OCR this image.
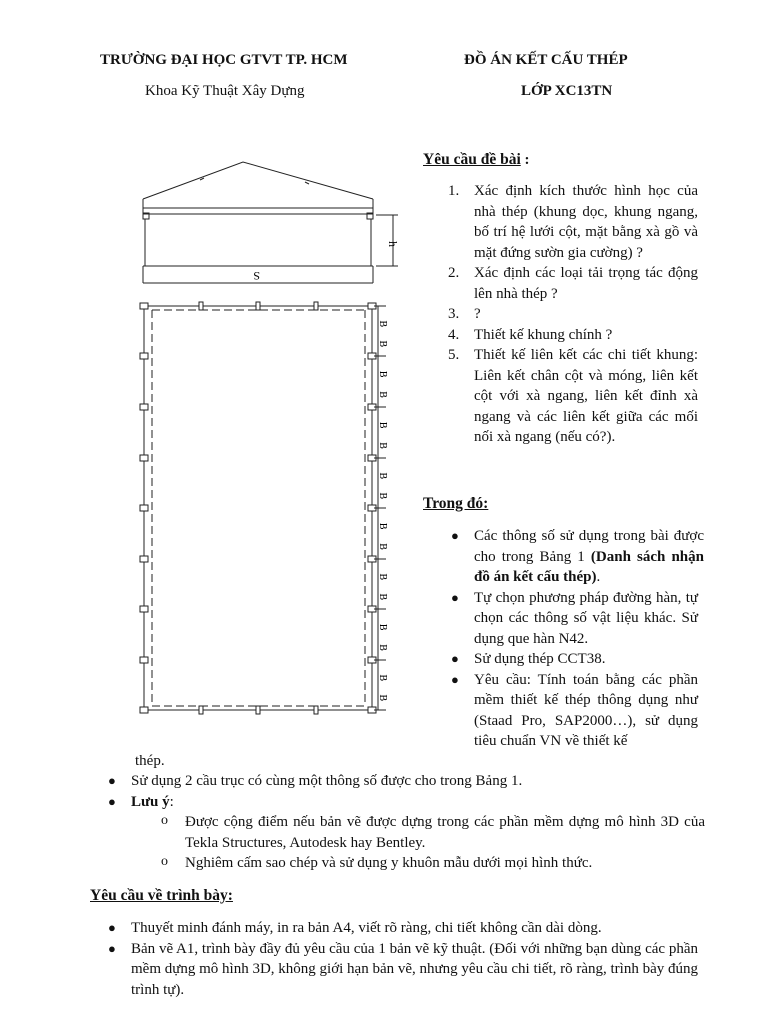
TRƯỜNG ĐẠI HỌC GTVT TP. HCM
Khoa Kỹ Thuật Xây Dựng
ĐỒ ÁN KẾT CẤU THÉP
LỚP XC13TN
h
S
B
B
B
B
B
B
B
B
B
B
B
B
B
B
B
B
Yêu cầu đề bài :
1. Xác định kích thước hình học của nhà thép (khung dọc, khung ngang, bố trí hệ lưới cột, mặt bằng xà gồ và mặt đứng sườn gia cường) ?
2. Xác định các loại tải trọng tác động lên nhà thép ?
3. ?
4. Thiết kế khung chính ?
5. Thiết kế liên kết các chi tiết khung: Liên kết chân cột và móng, liên kết cột với xà ngang, liên kết đỉnh xà ngang và các liên kết giữa các mối nối xà ngang (nếu có?).
Trong đó:
● Các thông số sử dụng trong bài được cho trong Bảng 1 (Danh sách nhận đồ án kết cấu thép).
● Tự chọn phương pháp đường hàn, tự chọn các thông số vật liệu khác. Sử dụng que hàn N42.
● Sử dụng thép CCT38.
● Yêu cầu: Tính toán bằng các phần mềm thiết kế thép thông dụng như (Staad Pro, SAP2000…), sử dụng tiêu chuẩn VN về thiết kế
thép.
● Sử dụng 2 cầu trục có cùng một thông số được cho trong Bảng 1.
● Lưu ý:
o Được cộng điểm nếu bản vẽ được dựng trong các phần mềm dựng mô hình 3D của Tekla Structures, Autodesk hay Bentley.
o Nghiêm cấm sao chép và sử dụng y khuôn mẫu dưới mọi hình thức.
Yêu cầu về trình bày:
● Thuyết minh đánh máy, in ra bản A4, viết rõ ràng, chi tiết không cần dài dòng.
● Bản vẽ A1, trình bày đầy đủ yêu cầu của 1 bản vẽ kỹ thuật. (Đối với những bạn dùng các phần mềm dựng mô hình 3D, không giới hạn bản vẽ, nhưng yêu cầu chi tiết, rõ ràng, trình bày đúng trình tự).
